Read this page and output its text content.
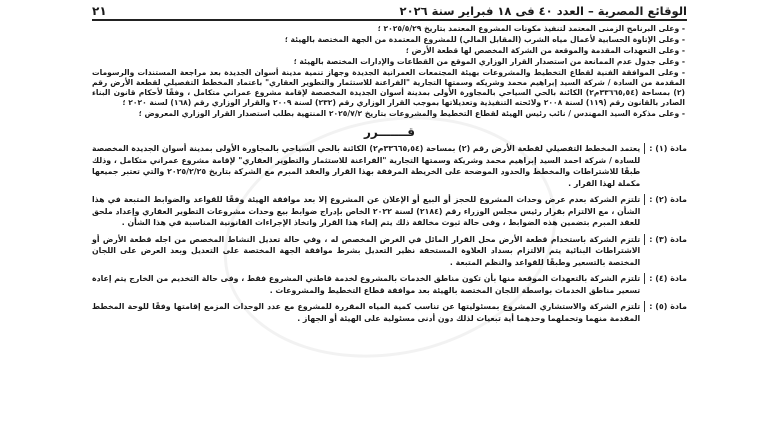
الوقائع المصرية – العدد ٤٠ فى ١٨ فبراير سنة ٢٠٢٦
٢١
- وعلى البرنامج الزمنى المعتمد لتنفيذ مكونات المشروع المعتمد بتاريخ ٢٠٢٥/٥/٢٩ ؛
- وعلى الإتاوة الحسابية لأعمال مياه الشرب (المقابل المالي) للمشروع المعتمدة من الجهة المختصة بالهيئة ؛
- وعلى التعهدات المقدمة والموقعة من الشركة المخصص لها قطعة الأرض ؛
- وعلى جدول عدم الممانعة من استصدار القرار الوزاري الموقع من القطاعات والإدارات المختصة بالهيئة ؛
- وعلى الموافقة الفنية لقطاع التخطيط والمشروعات بهيئة المجتمعات العمرانية الجديدة وجهاز تنمية مدينة أسوان الجديدة بعد مراجعة المستندات والرسومات المقدمة من السادة / شركة السيد إبراهيم محمد وشريكه وسمتها التجارية "الفراعنة للاستثمار والتطوير العقاري" باعتماد المخطط التفصيلي لقطعة الأرض رقم (٢) بمساحة (٣٣٦٦٥,٥٤م٢) الكائنة بالحي السياحي بالمجاورة الأولى بمدينة أسوان الجديدة المخصصة لإقامة مشروع عمراني متكامل ، وفقًا لأحكام قانون البناء الصادر بالقانون رقم (١١٩) لسنة ٢٠٠٨ ولائحته التنفيذية وتعديلاتها بموجب القرار الوزاري رقم (٢٣٢) لسنة ٢٠٠٩ والقرار الوزاري رقم (١٦٨) لسنة ٢٠٢٠ ؛
- وعلى مذكرة السيد المهندس / نائب رئيس الهيئة لقطاع التخطيط والمشروعات بتاريخ ٢٠٢٥/٧/٢ المنتهية بطلب استصدار القرار الوزاري المعروض ؛
قـــــــرر
مادة (١) :
يعتمد المخطط التفصيلي لقطعة الأرض رقم (٢) بمساحة (٣٣٦٦٥,٥٤م٢) الكائنة بالحي السياحي بالمجاورة الأولى بمدينة أسوان الجديدة المخصصة للسادة / شركة احمد السيد إبراهيم محمد وشريكة وسمتها التجارية "الفراعنة للاستثمار والتطوير العقاري" لإقامة مشروع عمراني متكامل ، وذلك طبقًا للاشتراطات والمخطط والحدود الموضحة على الخريطة المرفقة بهذا القرار والعقد المبرم مع الشركة بتاريخ ٢٠٢٥/٢/٢٥ والتي تعتبر جميعها مكملة لهذا القرار .
مادة (٢) :
تلتزم الشركة بعدم عرض وحدات المشروع للحجز أو البيع أو الإعلان عن المشروع إلا بعد موافقة الهيئة وفقًا للقواعد والضوابط المتبعة في هذا الشأن ، مع الالتزام بقرار رئيس مجلس الوزراء رقم (٢١٨٤) لسنة ٢٠٢٢ الخاص بإدراج ضوابط بيع وحدات مشروعات التطوير العقاري وإعداد ملحق للعقد المبرم بتضمين هذه الضوابط ، وفى حالة ثبوت مخالفة ذلك يتم إلغاء هذا القرار واتخاذ الإجراءات القانونية المناسبة في هذا الشأن .
مادة (٣) :
تلتزم الشركة باستخدام قطعة الأرض محل القرار المائل في الغرض المخصص له ، وفي حالة تعديل النشاط المخصص من اجله قطعة الأرض أو الاشتراطات البنائية يتم الالتزام بسداد العلاوة المستحقة نظير التعديل بشرط موافقة الجهة المختصة على التعديل وبعد العرض على اللجان المختصة بالتسعير وطبقًا للقواعد والنظم المتبعة .
مادة (٤) :
تلتزم الشركة بالتعهدات الموقعة منها بأن تكون مناطق الخدمات بالمشروع لخدمة قاطني المشروع فقط ، وفى حالة التخديم من الخارج يتم إعادة تسعير مناطق الخدمات بواسطة اللجان المختصة بالهيئة بعد موافقة قطاع التخطيط والمشروعات .
مادة (٥) :
تلتزم الشركة والاستشاري المشروع بمسئوليتها عن تناسب كمية المياه المقررة للمشروع مع عدد الوحدات المزمع إقامتها وفقًا للوحة المخطط المقدمة منهما وتحملهما وحدهما أية تبعيات لذلك دون أدنى مسئولية على الهيئة أو الجهاز .
